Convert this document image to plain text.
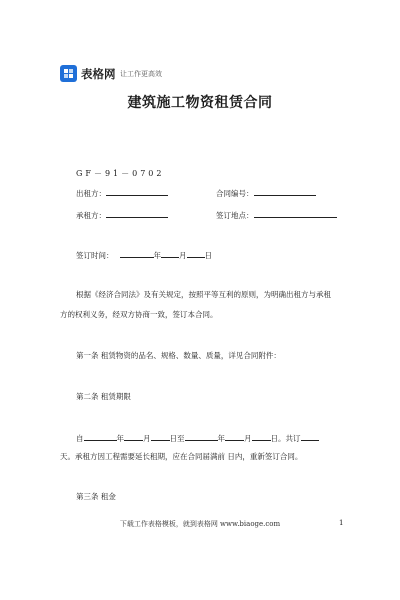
表格网 让工作更高效
建筑施工物资租赁合同
GF－91－0702
出租方：	合同编号：
承租方：	签订地点：
签订时间：	年 月 日
根据《经济合同法》及有关规定，按照平等互利的原则，为明确出租方与承租
方的权利义务，经双方协商一致，签订本合同。
第一条 租赁物资的品名、规格、数量、质量，详见合同附件：
第二条 租赁期限
自	年	月	日至	年	月	日。共订
天。承租方因工程需要延长租期，应在合同届满前 日内，重新签订合同。
第三条 租金
下载工作表格模板，就到表格网 www.biaoge.com	1
